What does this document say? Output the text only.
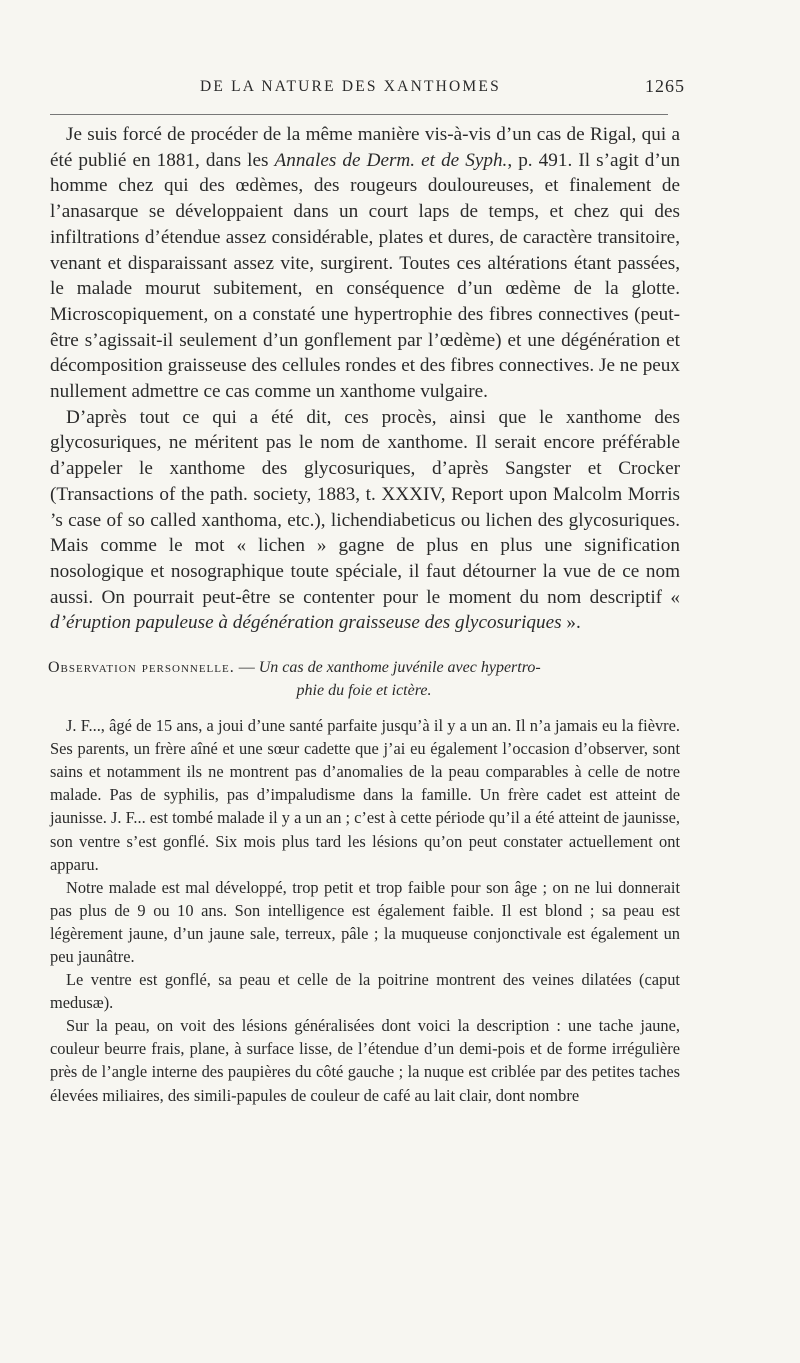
DE LA NATURE DES XANTHOMES	1265

Je suis forcé de procéder de la même manière vis-à-vis d’un cas de Rigal, qui a été publié en 1881, dans les Annales de Derm. et de Syph., p. 491. Il s’agit d’un homme chez qui des œdèmes, des rougeurs douloureuses, et finalement de l’anasarque se développaient dans un court laps de temps, et chez qui des infiltrations d’étendue assez considérable, plates et dures, de caractère transitoire, venant et disparaissant assez vite, surgirent. Toutes ces altérations étant passées, le malade mourut subitement, en conséquence d’un œdème de la glotte. Microscopiquement, on a constaté une hypertrophie des fibres connectives (peut-être s’agissait-il seulement d’un gonflement par l’œdème) et une dégénération et décomposition graisseuse des cellules rondes et des fibres connectives. Je ne peux nullement admettre ce cas comme un xanthome vulgaire.

D’après tout ce qui a été dit, ces procès, ainsi que le xanthome des glycosuriques, ne méritent pas le nom de xanthome. Il serait encore préférable d’appeler le xanthome des glycosuriques, d’après Sangster et Crocker (Transactions of the path. society, 1883, t. XXXIV, Report upon Malcolm Morris ’s case of so called xanthoma, etc.), lichendiabeticus ou lichen des glycosuriques. Mais comme le mot « lichen » gagne de plus en plus une signification nosologique et nosographique toute spéciale, il faut détourner la vue de ce nom aussi. On pourrait peut-être se contenter pour le moment du nom descriptif « d’éruption papuleuse à dégénération graisseuse des glycosuriques ».

Observation personnelle. — Un cas de xanthome juvénile avec hypertro-
phie du foie et ictère.

J. F..., âgé de 15 ans, a joui d’une santé parfaite jusqu’à il y a un an. Il n’a jamais eu la fièvre. Ses parents, un frère aîné et une sœur cadette que j’ai eu également l’occasion d’observer, sont sains et notamment ils ne montrent pas d’anomalies de la peau comparables à celle de notre malade. Pas de syphilis, pas d’impaludisme dans la famille. Un frère cadet est atteint de jaunisse. J. F... est tombé malade il y a un an ; c’est à cette période qu’il a été atteint de jaunisse, son ventre s’est gonflé. Six mois plus tard les lésions qu’on peut constater actuellement ont apparu.

Notre malade est mal développé, trop petit et trop faible pour son âge ; on ne lui donnerait pas plus de 9 ou 10 ans. Son intelligence est également faible. Il est blond ; sa peau est légèrement jaune, d’un jaune sale, terreux, pâle ; la muqueuse conjonctivale est également un peu jaunâtre.

Le ventre est gonflé, sa peau et celle de la poitrine montrent des veines dilatées (caput medusæ).

Sur la peau, on voit des lésions généralisées dont voici la description : une tache jaune, couleur beurre frais, plane, à surface lisse, de l’étendue d’un demi-pois et de forme irrégulière près de l’angle interne des paupières du côté gauche ; la nuque est criblée par des petites taches élevées miliaires, des simili-papules de couleur de café au lait clair, dont nombre
